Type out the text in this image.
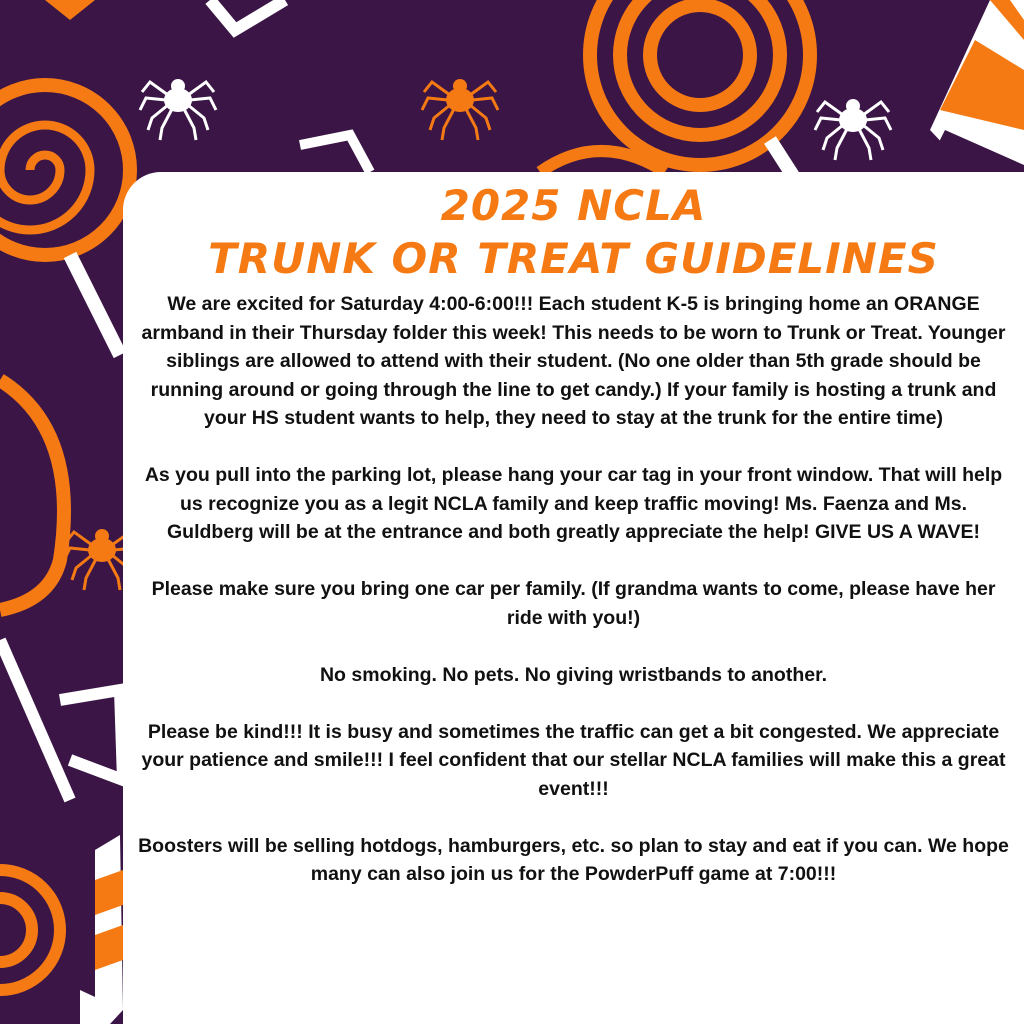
2025 NCLA
TRUNK OR TREAT GUIDELINES

We are excited for Saturday 4:00-6:00!!! Each student K-5 is bringing home an ORANGE armband in their Thursday folder this week! This needs to be worn to Trunk or Treat. Younger siblings are allowed to attend with their student. (No one older than 5th grade should be running around or going through the line to get candy.) If your family is hosting a trunk and your HS student wants to help, they need to stay at the trunk for the entire time)

As you pull into the parking lot, please hang your car tag in your front window. That will help us recognize you as a legit NCLA family and keep traffic moving! Ms. Faenza and Ms. Guldberg will be at the entrance and both greatly appreciate the help! GIVE US A WAVE!

Please make sure you bring one car per family. (If grandma wants to come, please have her ride with you!)

No smoking. No pets. No giving wristbands to another.

Please be kind!!! It is busy and sometimes the traffic can get a bit congested. We appreciate your patience and smile!!! I feel confident that our stellar NCLA families will make this a great event!!!

Boosters will be selling hotdogs, hamburgers, etc. so plan to stay and eat if you can. We hope many can also join us for the PowderPuff game at 7:00!!!
